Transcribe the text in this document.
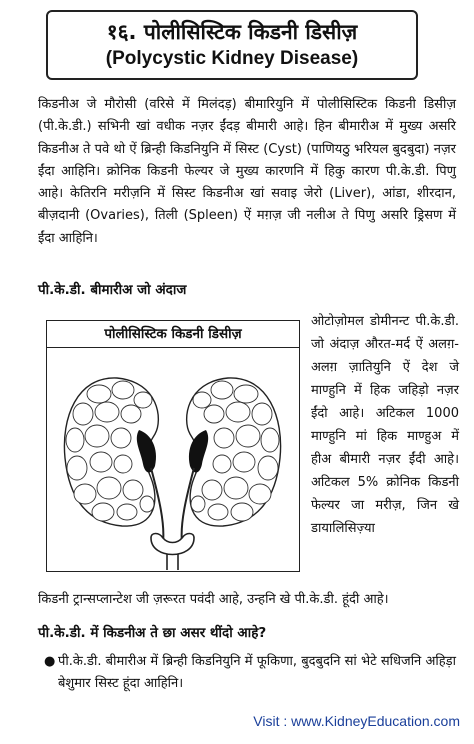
१६. पोलीसिस्टिक किडनी डिसीज़
(Polycystic Kidney Disease)

किडनीअ जे मौरोसी (वरिसे में मिलंदड़) बीमारियुनि में पोलीसिस्टिक किडनी डिसीज़ (पी.के.डी.) सभिनी खां वधीक नज़र ईंदड़ बीमारी आहे। हिन बीमारीअ में मुख्य असरि किडनीअ ते पवे थो ऐं ब्रिन्ही किडनियुनि में सिस्ट (Cyst) (पाणियठु भरियल बुदबुदा) नज़र ईंदा आहिनि। क्रोनिक किडनी फेल्यर जे मुख्य कारणनि में हिकु कारण पी.के.डी. पिणु आहे। केतिरनि मरीज़नि में सिस्ट किडनीअ खां सवाइ जेरो (Liver), आंडा, शीरदान, बीज़दानी (Ovaries), तिली (Spleen) ऐं मग़ज़ जी नलीअ ते पिणु असरि ड्रिसण में ईंदा आहिनि।

पी.के.डी. बीमारीअ जो अंदाज

पोलीसिस्टिक किडनी डिसीज़

ओटोज़ोमल डोमीनन्ट पी.के.डी. जो अंदाज़ औरत-मर्द ऐं अलग़-अलग़ ज़ातियुनि ऐं देश जे माण्हुनि में हिक जहिड़ो नज़र ईंदो आहे। अटिकल 1000 माण्हुनि मां हिक माण्हुअ में हीअ बीमारी नज़र ईंदी आहे। अटिकल 5% क्रोनिक किडनी फेल्यर जा मरीज़, जिन खे डायालिसिज़्या

किडनी ट्रान्सप्लान्टेश जी ज़रूरत पवंदी आहे, उन्हनि खे पी.के.डी. हूंदी आहे।

पी.के.डी. में किडनीअ ते छा असर थींदो आहे?

● पी.के.डी. बीमारीअ में ब्रिन्ही किडनियुनि में फूकिणा, बुदबुदनि सां भेटे सधिजनि अहिड़ा बेशुमार सिस्ट हूंदा आहिनि।

Visit : www.KidneyEducation.com
